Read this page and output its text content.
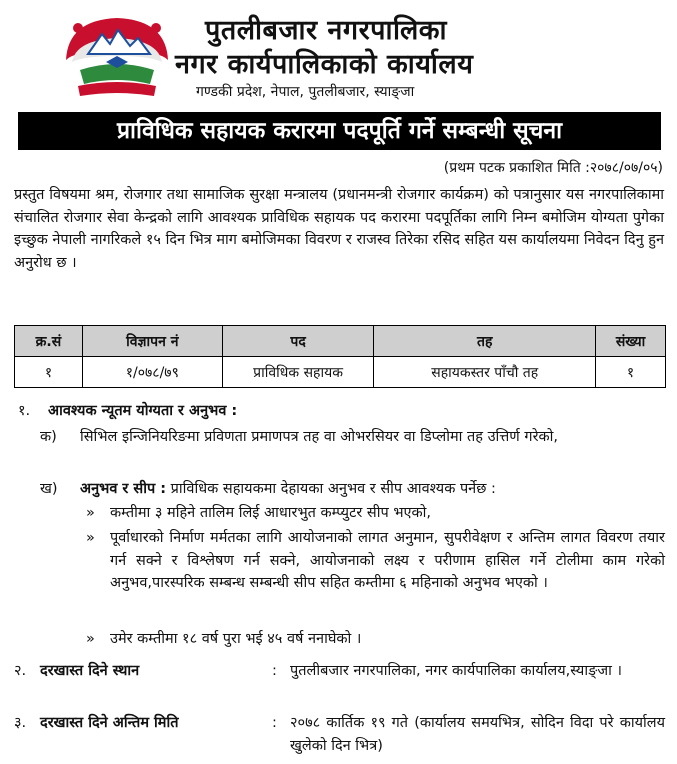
पुतलीबजार नगरपालिका
नगर कार्यपालिकाको कार्यालय
गण्डकी प्रदेश, नेपाल, पुतलीबजार, स्याङ्जा
प्राविधिक सहायक करारमा पदपूर्ति गर्ने सम्बन्धी सूचना
(प्रथम पटक प्रकाशित मिति :२०७८/०७/०५)
प्रस्तुत विषयमा श्रम, रोजगार तथा सामाजिक सुरक्षा मन्त्रालय (प्रधानमन्त्री रोजगार कार्यक्रम) को पत्रानुसार यस नगरपालिकामा संचालित रोजगार सेवा केन्द्रको लागि आवश्यक प्राविधिक सहायक पद करारमा पदपूर्तिका लागि निम्न बमोजिम योग्यता पुगेका इच्छुक नेपाली नागरिकले १५ दिन भित्र माग बमोजिमका विवरण र राजस्व तिरेका रसिद सहित यस कार्यालयमा निवेदन दिनु हुन अनुरोध छ ।
क्र.सं	विज्ञापन नं	पद	तह	संख्या
१	१/०७८/७९	प्राविधिक सहायक	सहायकस्तर पाँचौ तह	१
१. आवश्यक न्यूतम योग्यता र अनुभव :
क) सिभिल इन्जिनियरिङमा प्रविणता प्रमाणपत्र तह वा ओभरसियर वा डिप्लोमा तह उत्तिर्ण गरेको,
ख) अनुभव र सीप : प्राविधिक सहायकमा देहायका अनुभव र सीप आवश्यक पर्नेछ :
» कम्तीमा ३ महिने तालिम लिई आधारभुत कम्प्युटर सीप भएको,
» पूर्वाधारको निर्माण मर्मतका लागि आयोजनाको लागत अनुमान, सुपरीवेक्षण र अन्तिम लागत विवरण तयार गर्न सक्ने र विश्लेषण गर्न सक्ने, आयोजनाको लक्ष्य र परीणाम हासिल गर्ने टोलीमा काम गरेको अनुभव,पारस्परिक सम्बन्ध सम्बन्धी सीप सहित कम्तीमा ६ महिनाको अनुभव भएको ।
» उमेर कम्तीमा १८ वर्ष पुरा भई ४५ वर्ष ननाघेको ।
२. दरखास्त दिने स्थान	: पुतलीबजार नगरपालिका, नगर कार्यपालिका कार्यालय,स्याङ्जा ।
३. दरखास्त दिने अन्तिम मिति	: २०७८ कार्तिक १९ गते (कार्यालय समयभित्र, सोदिन विदा परे कार्यालय खुलेको दिन भित्र)
